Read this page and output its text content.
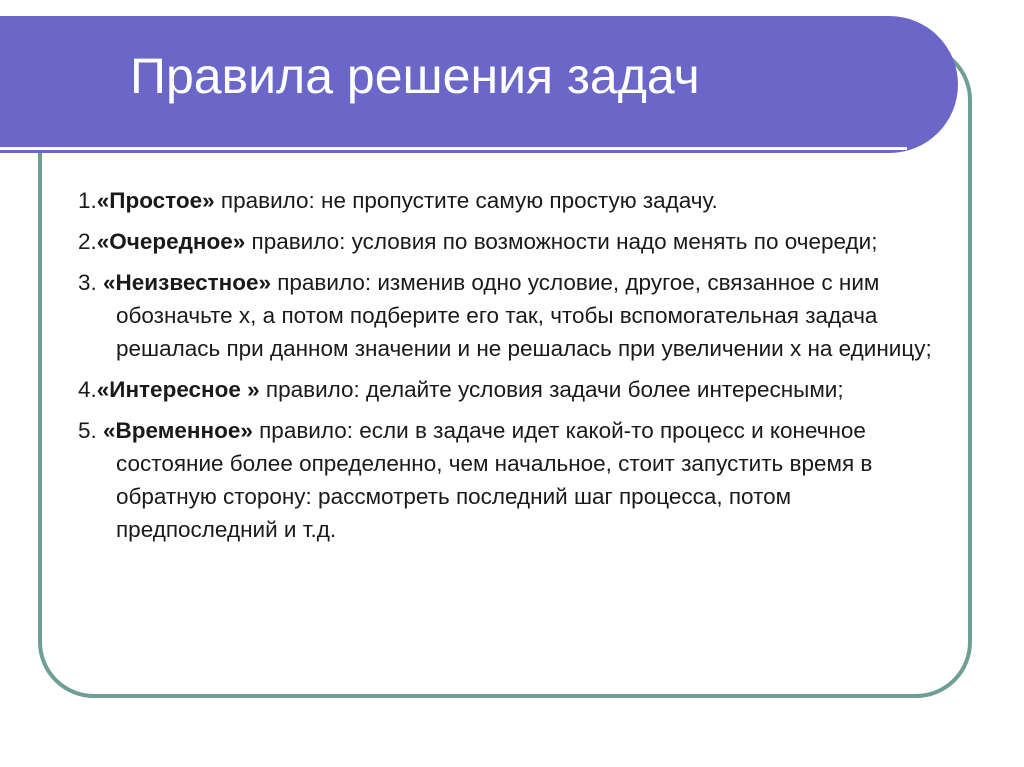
Правила решения задач
1.«Простое» правило: не пропустите самую простую задачу.
2.«Очередное» правило: условия по возможности надо менять по очереди;
3. «Неизвестное» правило: изменив одно условие, другое, связанное с ним обозначьте х, а потом подберите его так, чтобы вспомогательная задача решалась при данном значении и не решалась при увеличении х на единицу;
4.«Интересное » правило: делайте условия задачи более интересными;
5. «Временное» правило: если в задаче идет какой-то процесс и конечное состояние более определенно, чем начальное, стоит запустить время в обратную сторону: рассмотреть последний шаг процесса, потом предпоследний и т.д.
